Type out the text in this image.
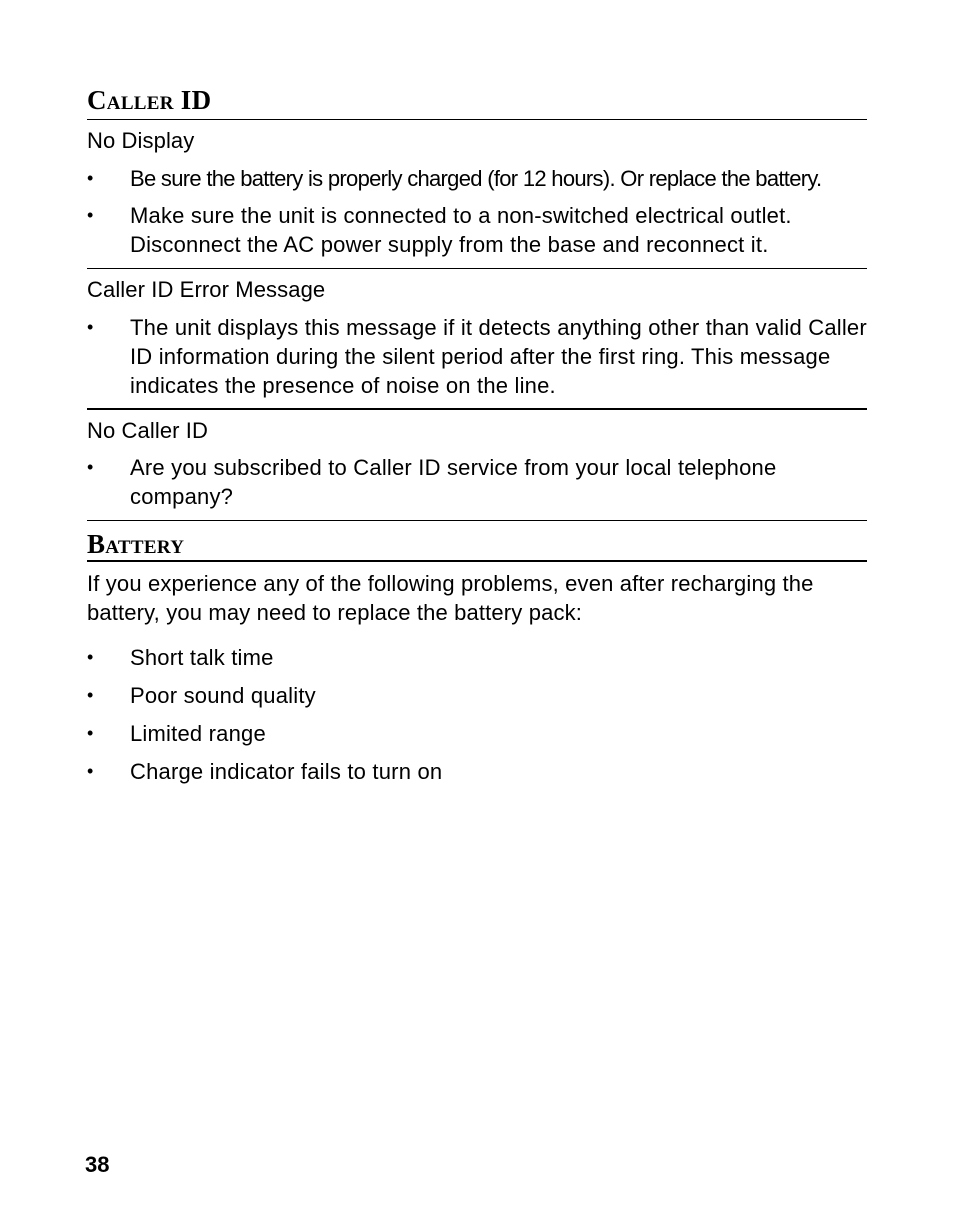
Caller ID
No Display
•	Be sure the battery is properly charged (for 12 hours). Or replace the battery.
•	Make sure the unit is connected to a non-switched electrical outlet. Disconnect the AC power supply from the base and reconnect it.
Caller ID Error Message
•	The unit displays this message if it detects anything other than valid Caller ID information during the silent period after the first ring. This message indicates the presence of noise on the line.
No Caller ID
•	Are you subscribed to Caller ID service from your local telephone company?
Battery
If you experience any of the following problems, even after recharging the battery, you may need to replace the battery pack:
•	Short talk time
•	Poor sound quality
•	Limited range
•	Charge indicator fails to turn on
38
